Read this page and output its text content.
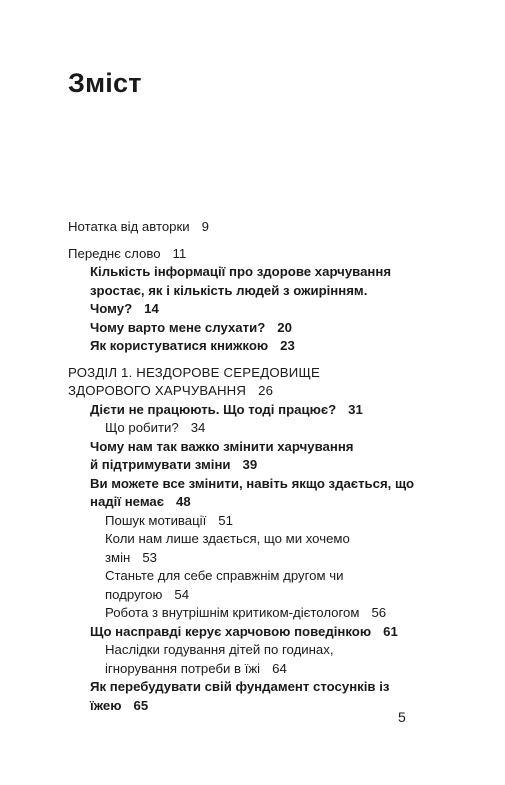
Зміст

Нотатка від авторки 9

Переднє слово 11

Кількість інформації про здорове харчування
зростає, як і кількість людей з ожирінням.

Чому? 14

Чому варто мене слухати? 20

Як користуватися книжкою 23

РОЗДІЛ 1. НЕЗДОРОВЕ СЕРЕДОВИЩЕ
ЗДОРОВОГО ХАРЧУВАННЯ 26

Дієти не працюють. Що тоді працює? 31

Що робити? 34

Чому нам так важко змінити харчування
й підтримувати зміни 39

Ви можете все змінити, навіть якщо здається, що
надії немає 48

Пошук мотивації 51

Коли нам лише здається, що ми хочемо
змін 53

Станьте для себе справжнім другом чи
подругою 54

Робота з внутрішнім критиком-дієтологом 56

Що насправді керує харчовою поведінкою 61

Наслідки годування дітей по годинах,
ігнорування потреби в їжі 64

Як перебудувати свій фундамент стосунків із
їжею 65

5
